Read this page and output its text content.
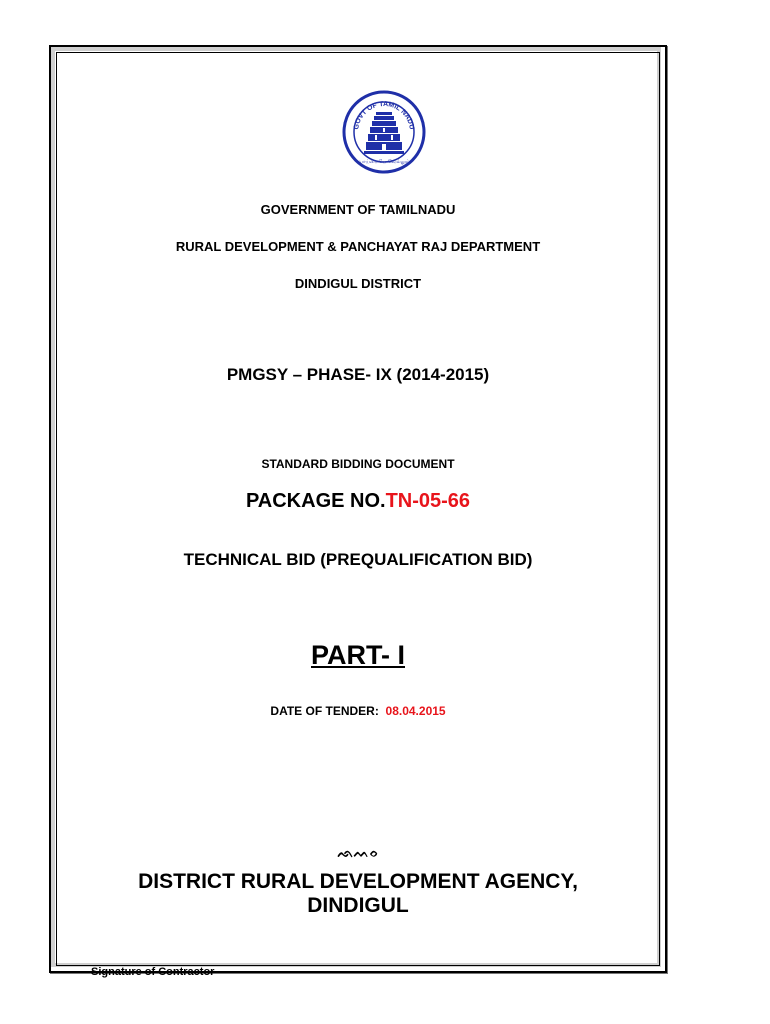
GOVT OF TAMIL NADU
வாய்மையே வெல்லும்
GOVERNMENT OF TAMILNADU
RURAL DEVELOPMENT & PANCHAYAT RAJ DEPARTMENT
DINDIGUL DISTRICT
PMGSY – PHASE- IX (2014-2015)
STANDARD BIDDING DOCUMENT
PACKAGE NO.TN-05-66
TECHNICAL BID (PREQUALIFICATION BID)
PART- I
DATE OF TENDER: 08.04.2015
ᨒᨓᨔ
DISTRICT RURAL DEVELOPMENT AGENCY,
DINDIGUL
Signature of Contractor
